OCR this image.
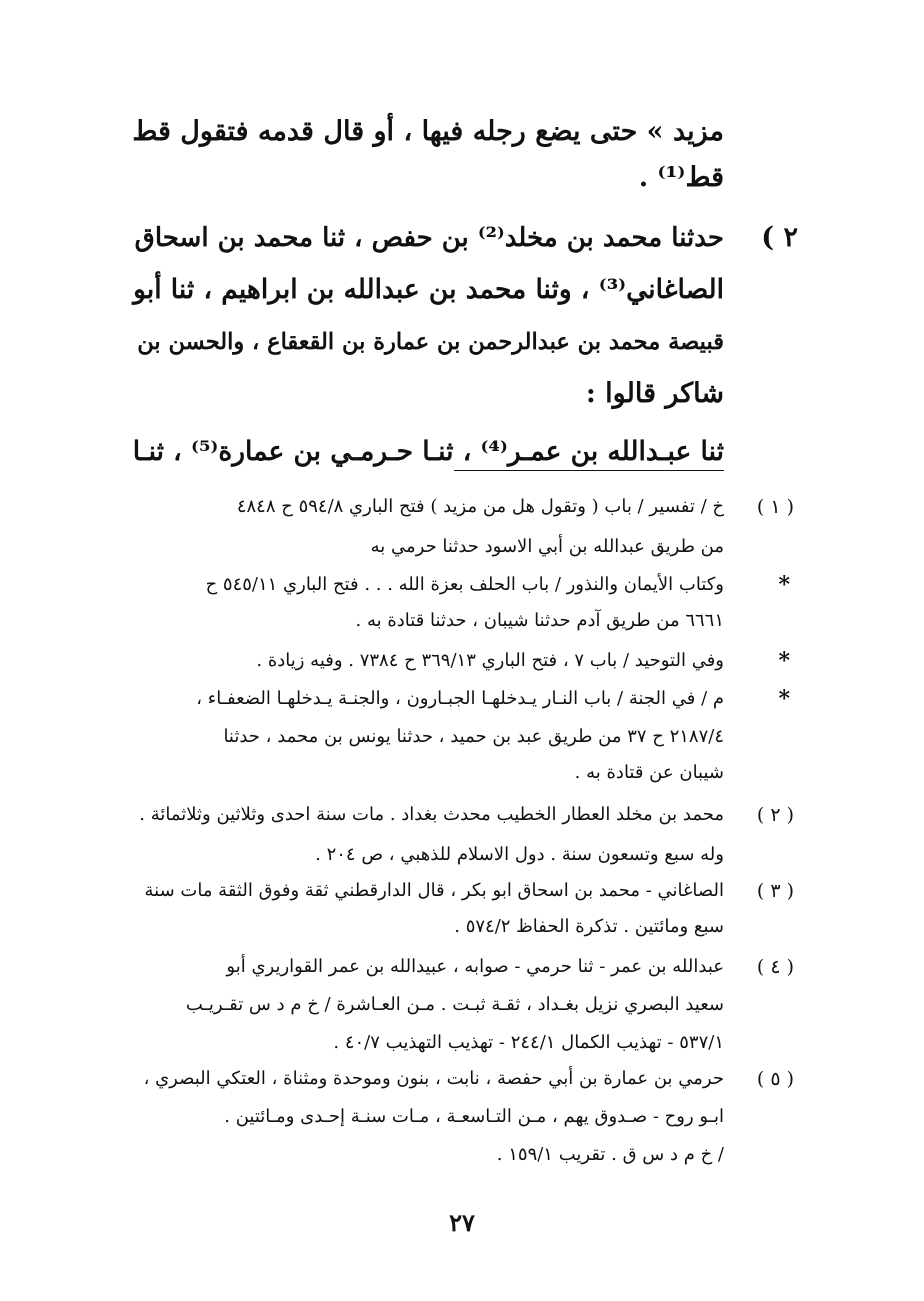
مزيد » حتى يضع رجله فيها ، أو قال قدمه فتقول قط
قط⁽¹⁾ .
٢ )
حدثنا محمد بن مخلد⁽²⁾ بن حفص ، ثنا محمد بن اسحاق
الصاغاني⁽³⁾ ، وثنا محمد بن عبدالله بن ابراهيم ، ثنا أبو
قبيصة محمد بن عبدالرحمن بن عمارة بن القعقاع ، والحسن بن
شاكر قالوا :
ثنا عبـدالله بن عمـر⁽⁴⁾ ، ثنـا حـرمـي بن عمارة⁽⁵⁾ ، ثنـا
( ١ )
خ / تفسير / باب ( وتقول هل من مزيد ) فتح الباري ٥٩٤/٨ ح ٤٨٤٨
من طريق عبدالله بن أبي الاسود حدثنا حرمي به
*
وكتاب الأيمان والنذور / باب الحلف بعزة الله . . . فتح الباري ٥٤٥/١١ ح
٦٦٦١ من طريق آدم حدثنا شيبان ، حدثنا قتادة به .
*
وفي التوحيد / باب ٧ ، فتح الباري ٣٦٩/١٣ ح ٧٣٨٤ . وفيه زيادة .
*
م / في الجنة / باب النـار يـدخلهـا الجبـارون ، والجنـة يـدخلهـا الضعفـاء ،
٢١٨٧/٤ ح ٣٧ من طريق عبد بن حميد ، حدثنا يونس بن محمد ، حدثنا
شيبان عن قتادة به .
( ٢ )
محمد بن مخلد العطار الخطيب محدث بغداد . مات سنة احدى وثلاثين وثلاثمائة .
وله سبع وتسعون سنة . دول الاسلام للذهبي ، ص ٢٠٤ .
( ٣ )
الصاغاني - محمد بن اسحاق ابو بكر ، قال الدارقطني ثقة وفوق الثقة مات سنة
سبع ومائتين . تذكرة الحفاظ ٥٧٤/٢ .
( ٤ )
عبدالله بن عمر - ثنا حرمي - صوابه ، عبيدالله بن عمر القواريري أبو
سعيد البصري نزيل بغـداد ، ثقـة ثبـت . مـن العـاشرة / خ م د س تقـريـب
٥٣٧/١ - تهذيب الكمال ٢٤٤/١ - تهذيب التهذيب ٤٠/٧ .
( ٥ )
حرمي بن عمارة بن أبي حفصة ، نابت ، بنون وموحدة ومثناة ، العتكي البصري ،
ابـو روح - صـدوق يهم ، مـن التـاسعـة ، مـات سنـة إحـدى ومـائتين .
/ خ م د س ق . تقريب ١٥٩/١ .
٢٧
